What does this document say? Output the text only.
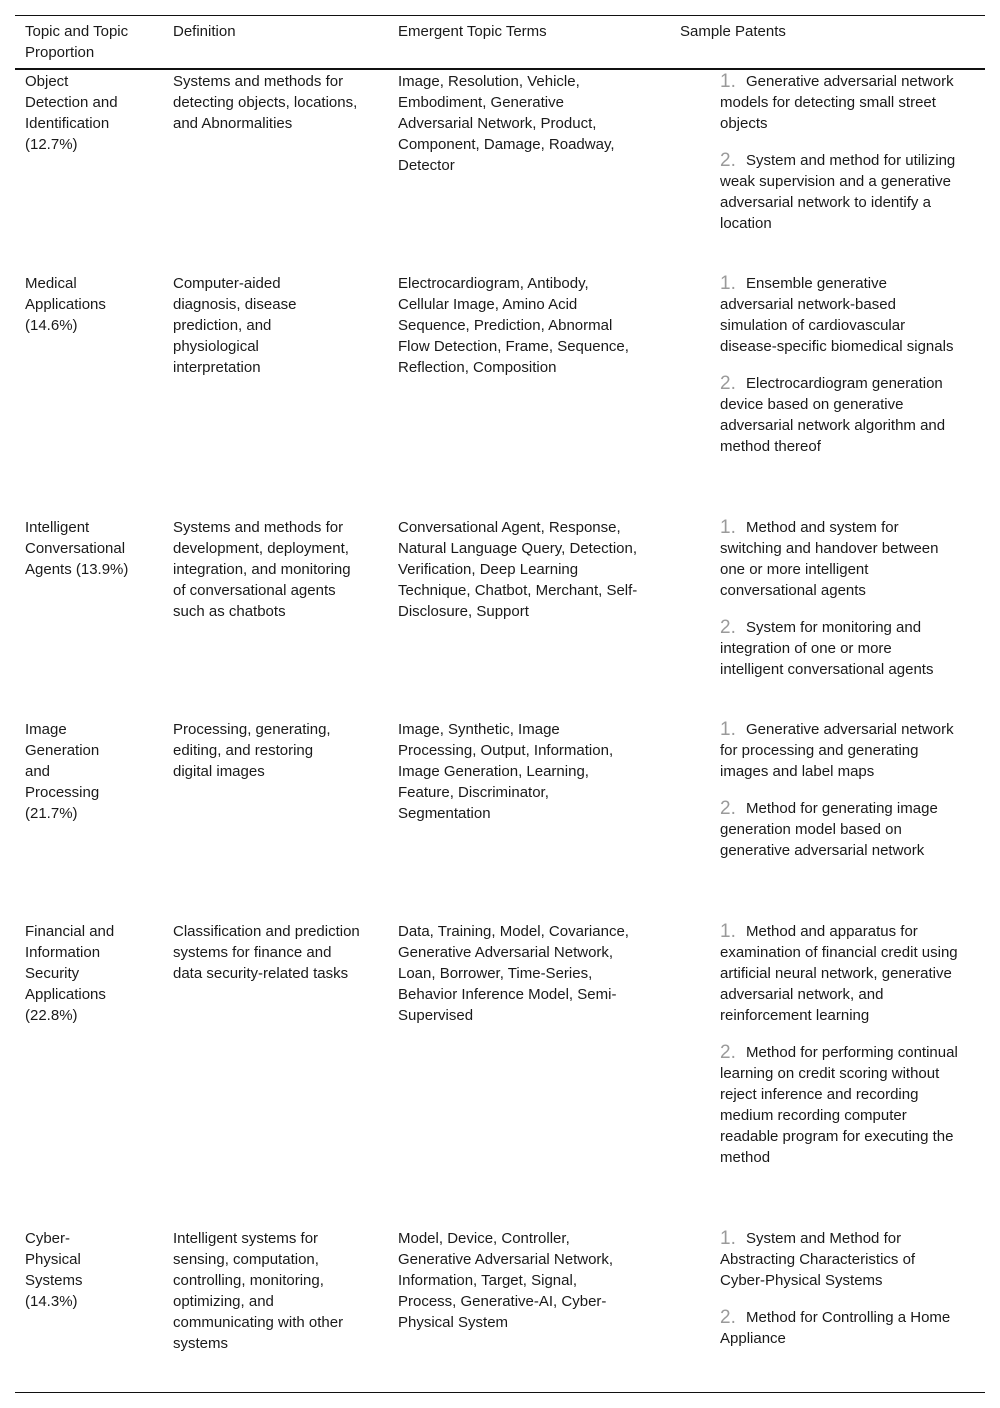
Topic and Topic Proportion
Definition	Emergent Topic Terms	Sample Patents
Object Detection and Identification (12.7%)
Systems and methods for detecting objects, locations, and Abnormalities
Image, Resolution, Vehicle, Embodiment, Generative Adversarial Network, Product, Component, Damage, Roadway, Detector
1. Generative adversarial network models for detecting small street objects
2. System and method for utilizing weak supervision and a generative adversarial network to identify a location
Medical Applications (14.6%)
Computer-aided diagnosis, disease prediction, and physiological interpretation
Electrocardiogram, Antibody, Cellular Image, Amino Acid Sequence, Prediction, Abnormal Flow Detection, Frame, Sequence, Reflection, Composition
1. Ensemble generative adversarial network-based simulation of cardiovascular disease-specific biomedical signals
2. Electrocardiogram generation device based on generative adversarial network algorithm and method thereof
Intelligent Conversational Agents (13.9%)
Systems and methods for development, deployment, integration, and monitoring of conversational agents such as chatbots
Conversational Agent, Response, Natural Language Query, Detection, Verification, Deep Learning Technique, Chatbot, Merchant, Self-Disclosure, Support
1. Method and system for switching and handover between one or more intelligent conversational agents
2. System for monitoring and integration of one or more intelligent conversational agents
Image Generation and Processing (21.7%)
Processing, generating, editing, and restoring digital images
Image, Synthetic, Image Processing, Output, Information, Image Generation, Learning, Feature, Discriminator, Segmentation
1. Generative adversarial network for processing and generating images and label maps
2. Method for generating image generation model based on generative adversarial network
Financial and Information Security Applications (22.8%)
Classification and prediction systems for finance and data security-related tasks
Data, Training, Model, Covariance, Generative Adversarial Network, Loan, Borrower, Time-Series, Behavior Inference Model, Semi-Supervised
1. Method and apparatus for examination of financial credit using artificial neural network, generative adversarial network, and reinforcement learning
2. Method for performing continual learning on credit scoring without reject inference and recording medium recording computer readable program for executing the method
Cyber-Physical Systems (14.3%)
Intelligent systems for sensing, computation, controlling, monitoring, optimizing, and communicating with other systems
Model, Device, Controller, Generative Adversarial Network, Information, Target, Signal, Process, Generative-AI, Cyber-Physical System
1. System and Method for Abstracting Characteristics of Cyber-Physical Systems
2. Method for Controlling a Home Appliance
